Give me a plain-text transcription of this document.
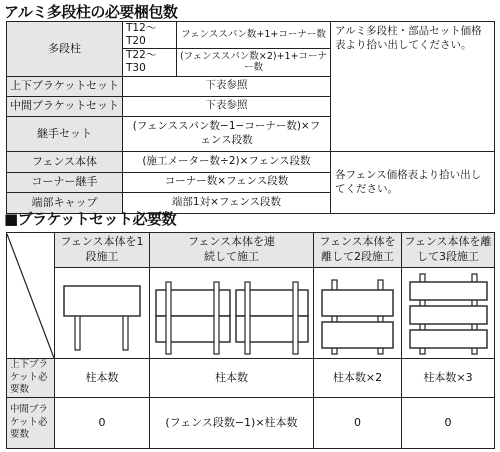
アルミ多段柱の必要梱包数
多段柱	T12～T20	フェンススパン数+1+コーナー数	アルミ多段柱・部品セット価格表より拾い出してください。

	T22～T30	(フェンススパン数×2)+1+コーナー数	
上下ブラケットセット	下表参照		
中間ブラケットセット	下表参照		
継手セット	(フェンススパン数−1−コーナー数)×フェンス段数		
フェンス本体	(施工メーター数÷2)×フェンス段数		各フェンス価格表より拾い出してください。

コーナー継手	コーナー数×フェンス段数		
端部キャップ	端部1対×フェンス段数		
■ブラケットセット必要数
	フェンス本体を1段施工	フェンス本体を連続して施工	フェンス本体を離して2段施工	フェンス本体を離して3段施工

上下ブラケット必要数	柱本数	柱本数	柱本数×2	柱本数×3
中間ブラケット必要数	0	(フェンス段数−1)×柱本数	0	0
